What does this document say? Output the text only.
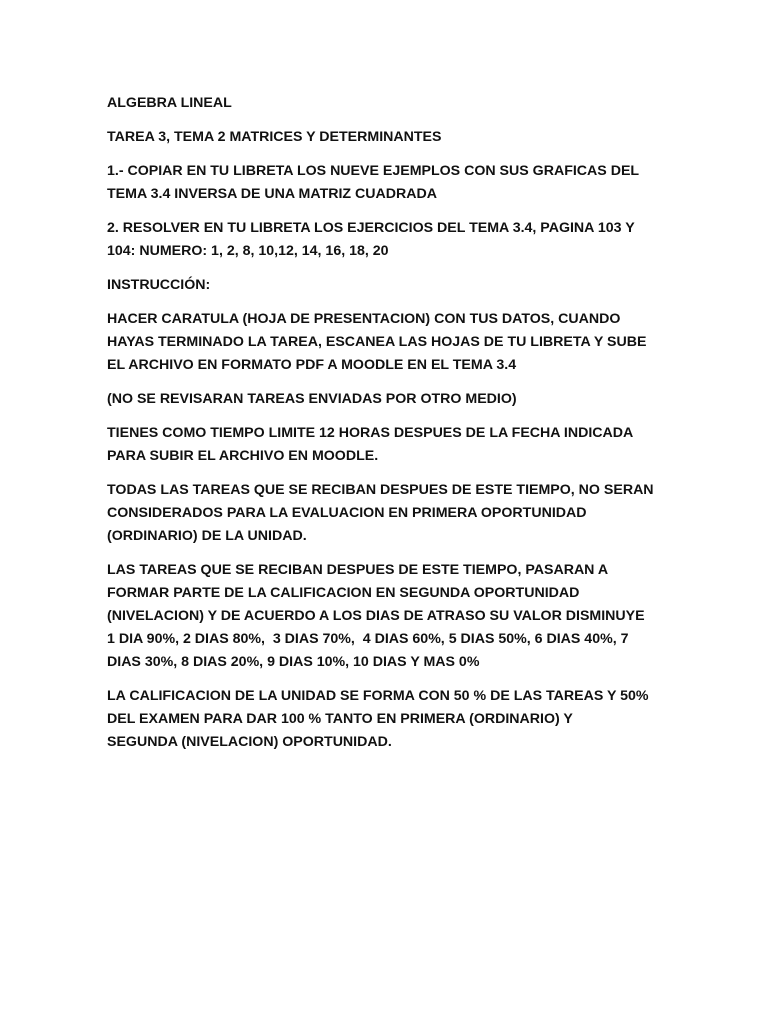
ALGEBRA LINEAL

TAREA 3, TEMA 2 MATRICES Y DETERMINANTES

1.- COPIAR EN TU LIBRETA LOS NUEVE EJEMPLOS CON SUS GRAFICAS DEL
TEMA 3.4 INVERSA DE UNA MATRIZ CUADRADA

2. RESOLVER EN TU LIBRETA LOS EJERCICIOS DEL TEMA 3.4, PAGINA 103 Y
104: NUMERO: 1, 2, 8, 10,12, 14, 16, 18, 20

INSTRUCCIÓN:

HACER CARATULA (HOJA DE PRESENTACION) CON TUS DATOS, CUANDO
HAYAS TERMINADO LA TAREA, ESCANEA LAS HOJAS DE TU LIBRETA Y SUBE
EL ARCHIVO EN FORMATO PDF A MOODLE EN EL TEMA 3.4

(NO SE REVISARAN TAREAS ENVIADAS POR OTRO MEDIO)

TIENES COMO TIEMPO LIMITE 12 HORAS DESPUES DE LA FECHA INDICADA
PARA SUBIR EL ARCHIVO EN MOODLE.

TODAS LAS TAREAS QUE SE RECIBAN DESPUES DE ESTE TIEMPO, NO SERAN
CONSIDERADOS PARA LA EVALUACION EN PRIMERA OPORTUNIDAD
(ORDINARIO) DE LA UNIDAD.

LAS TAREAS QUE SE RECIBAN DESPUES DE ESTE TIEMPO, PASARAN A
FORMAR PARTE DE LA CALIFICACION EN SEGUNDA OPORTUNIDAD
(NIVELACION) Y DE ACUERDO A LOS DIAS DE ATRASO SU VALOR DISMINUYE
1 DIA 90%, 2 DIAS 80%,  3 DIAS 70%,  4 DIAS 60%, 5 DIAS 50%, 6 DIAS 40%, 7
DIAS 30%, 8 DIAS 20%, 9 DIAS 10%, 10 DIAS Y MAS 0%

LA CALIFICACION DE LA UNIDAD SE FORMA CON 50 % DE LAS TAREAS Y 50%
DEL EXAMEN PARA DAR 100 % TANTO EN PRIMERA (ORDINARIO) Y
SEGUNDA (NIVELACION) OPORTUNIDAD.
